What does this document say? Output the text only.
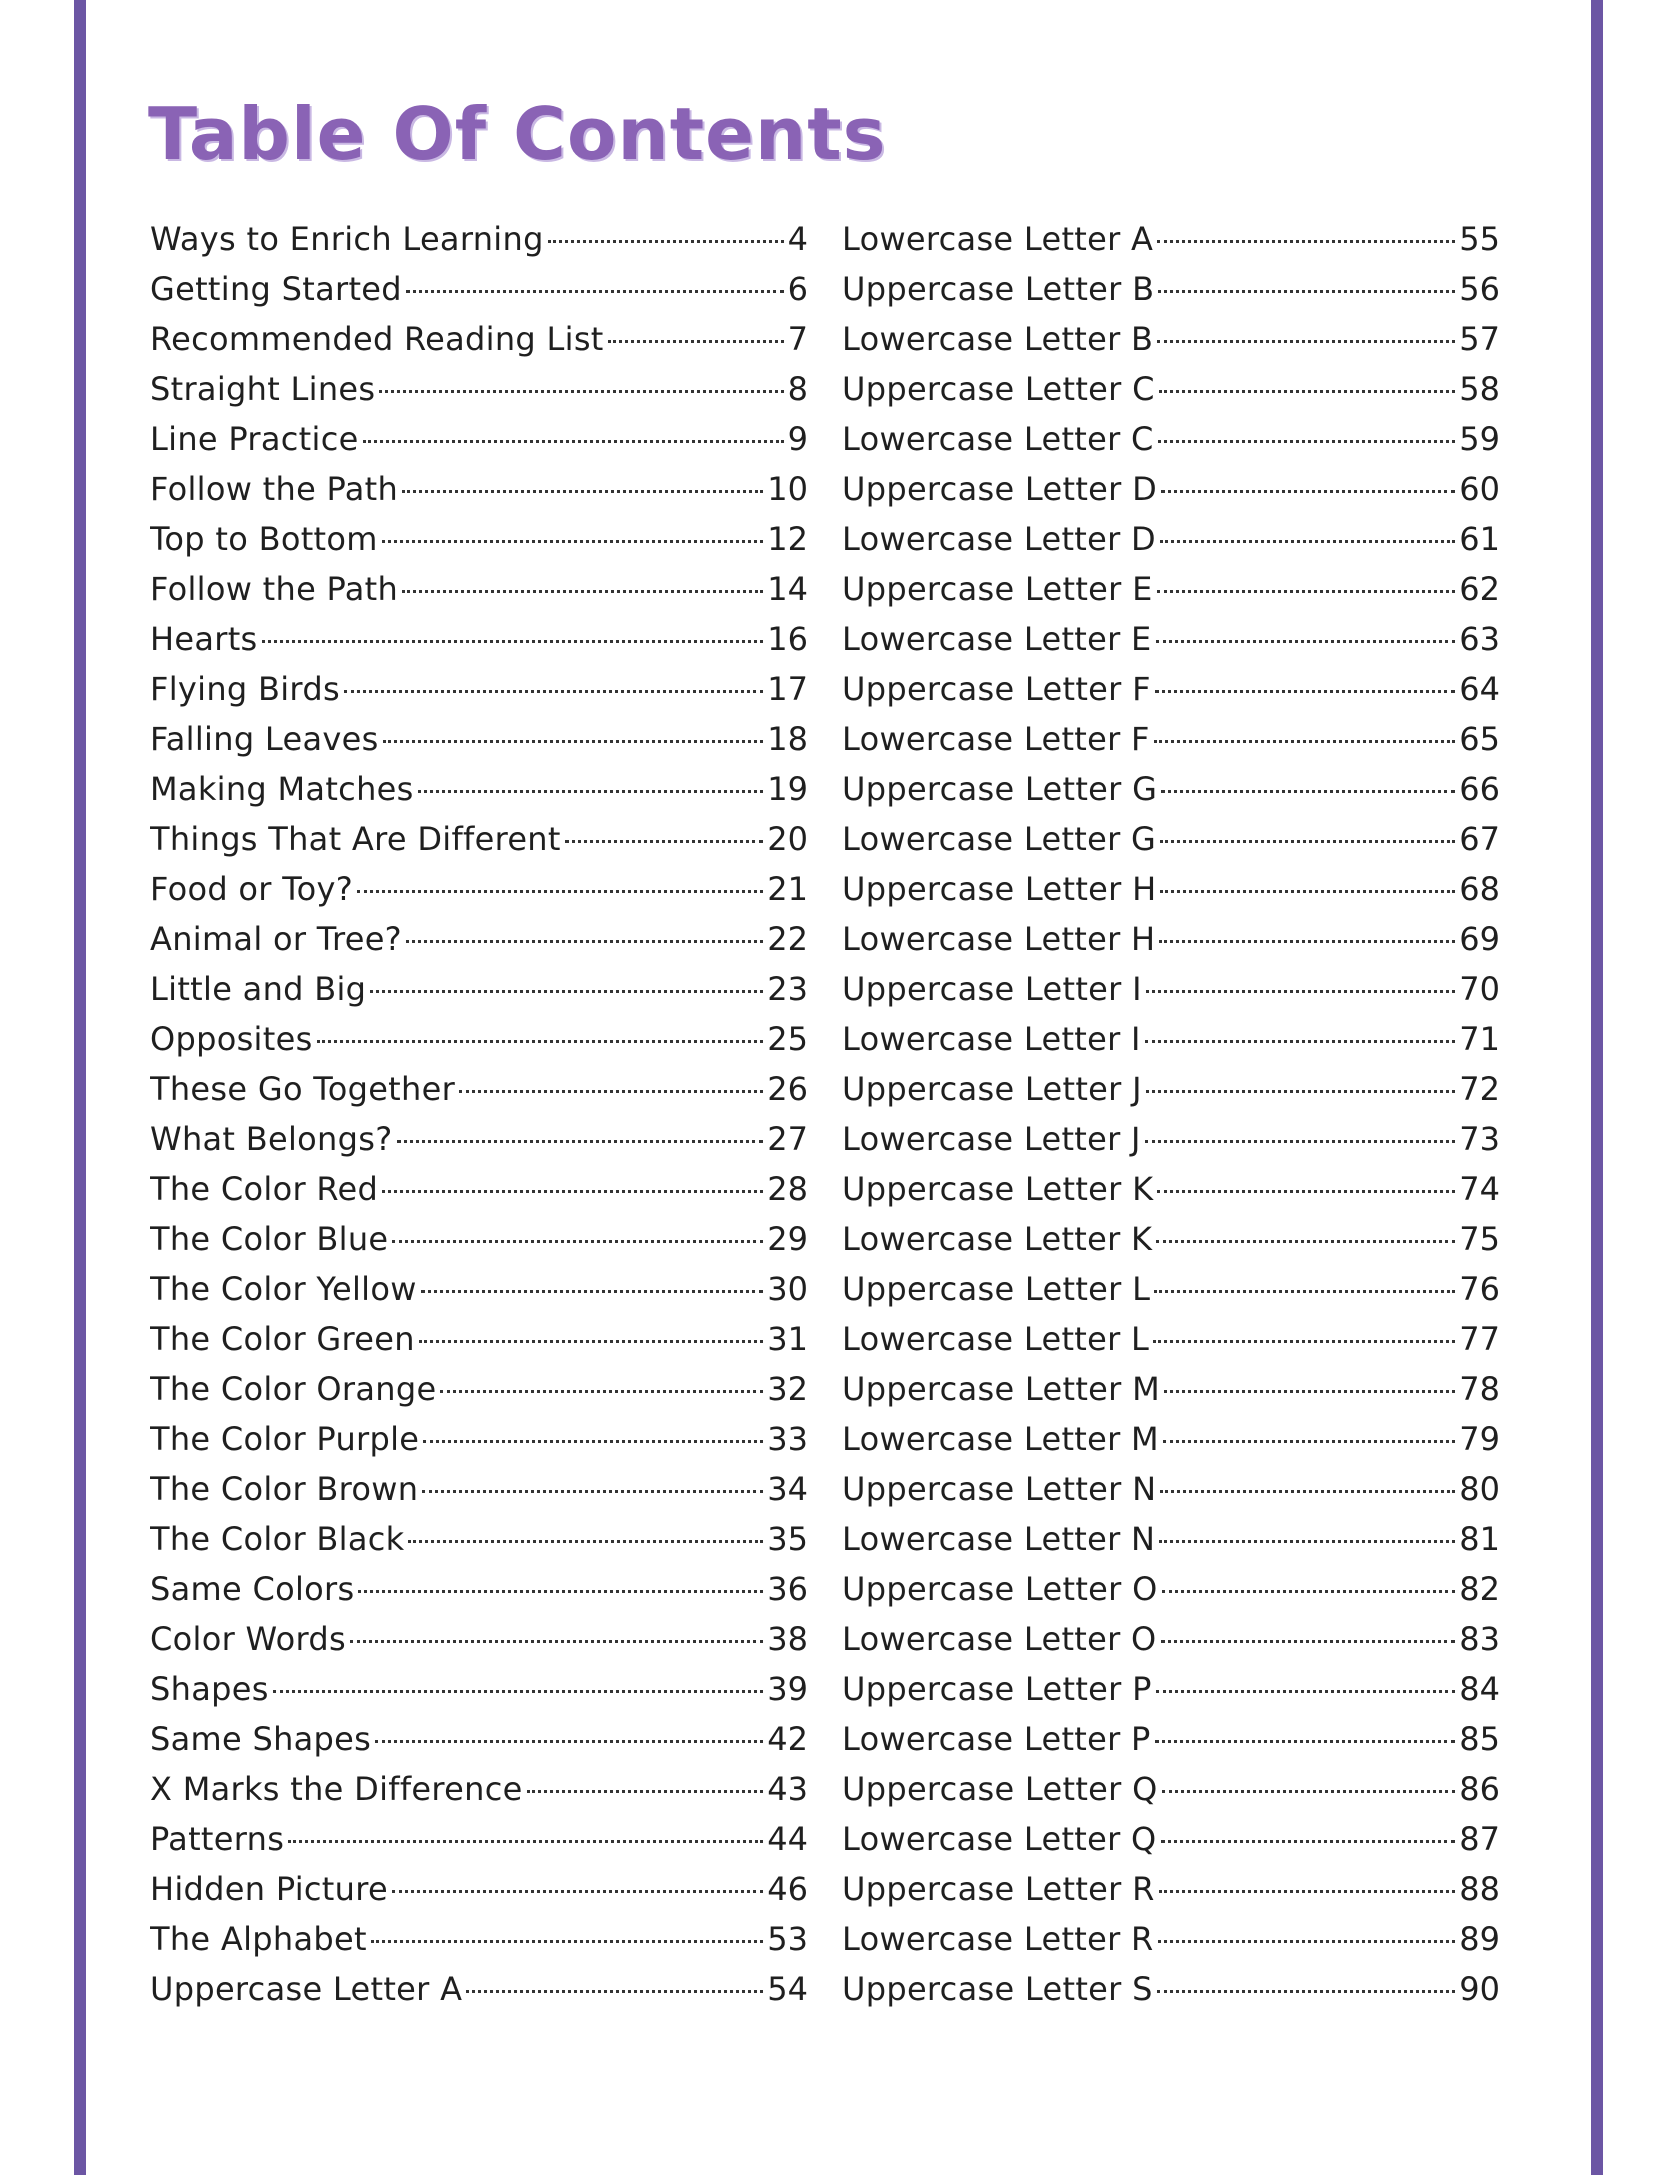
Table Of Contents
Ways to Enrich Learning	4
Getting Started	6
Recommended Reading List	7
Straight Lines	8
Line Practice	9
Follow the Path	10
Top to Bottom	12
Follow the Path	14
Hearts	16
Flying Birds	17
Falling Leaves	18
Making Matches	19
Things That Are Different	20
Food or Toy?	21
Animal or Tree?	22
Little and Big	23
Opposites	25
These Go Together	26
What Belongs?	27
The Color Red	28
The Color Blue	29
The Color Yellow	30
The Color Green	31
The Color Orange	32
The Color Purple	33
The Color Brown	34
The Color Black	35
Same Colors	36
Color Words	38
Shapes	39
Same Shapes	42
X Marks the Difference	43
Patterns	44
Hidden Picture	46
The Alphabet	53
Uppercase Letter A	54
Lowercase Letter A	55
Uppercase Letter B	56
Lowercase Letter B	57
Uppercase Letter C	58
Lowercase Letter C	59
Uppercase Letter D	60
Lowercase Letter D	61
Uppercase Letter E	62
Lowercase Letter E	63
Uppercase Letter F	64
Lowercase Letter F	65
Uppercase Letter G	66
Lowercase Letter G	67
Uppercase Letter H	68
Lowercase Letter H	69
Uppercase Letter I	70
Lowercase Letter I	71
Uppercase Letter J	72
Lowercase Letter J	73
Uppercase Letter K	74
Lowercase Letter K	75
Uppercase Letter L	76
Lowercase Letter L	77
Uppercase Letter M	78
Lowercase Letter M	79
Uppercase Letter N	80
Lowercase Letter N	81
Uppercase Letter O	82
Lowercase Letter O	83
Uppercase Letter P	84
Lowercase Letter P	85
Uppercase Letter Q	86
Lowercase Letter Q	87
Uppercase Letter R	88
Lowercase Letter R	89
Uppercase Letter S	90
